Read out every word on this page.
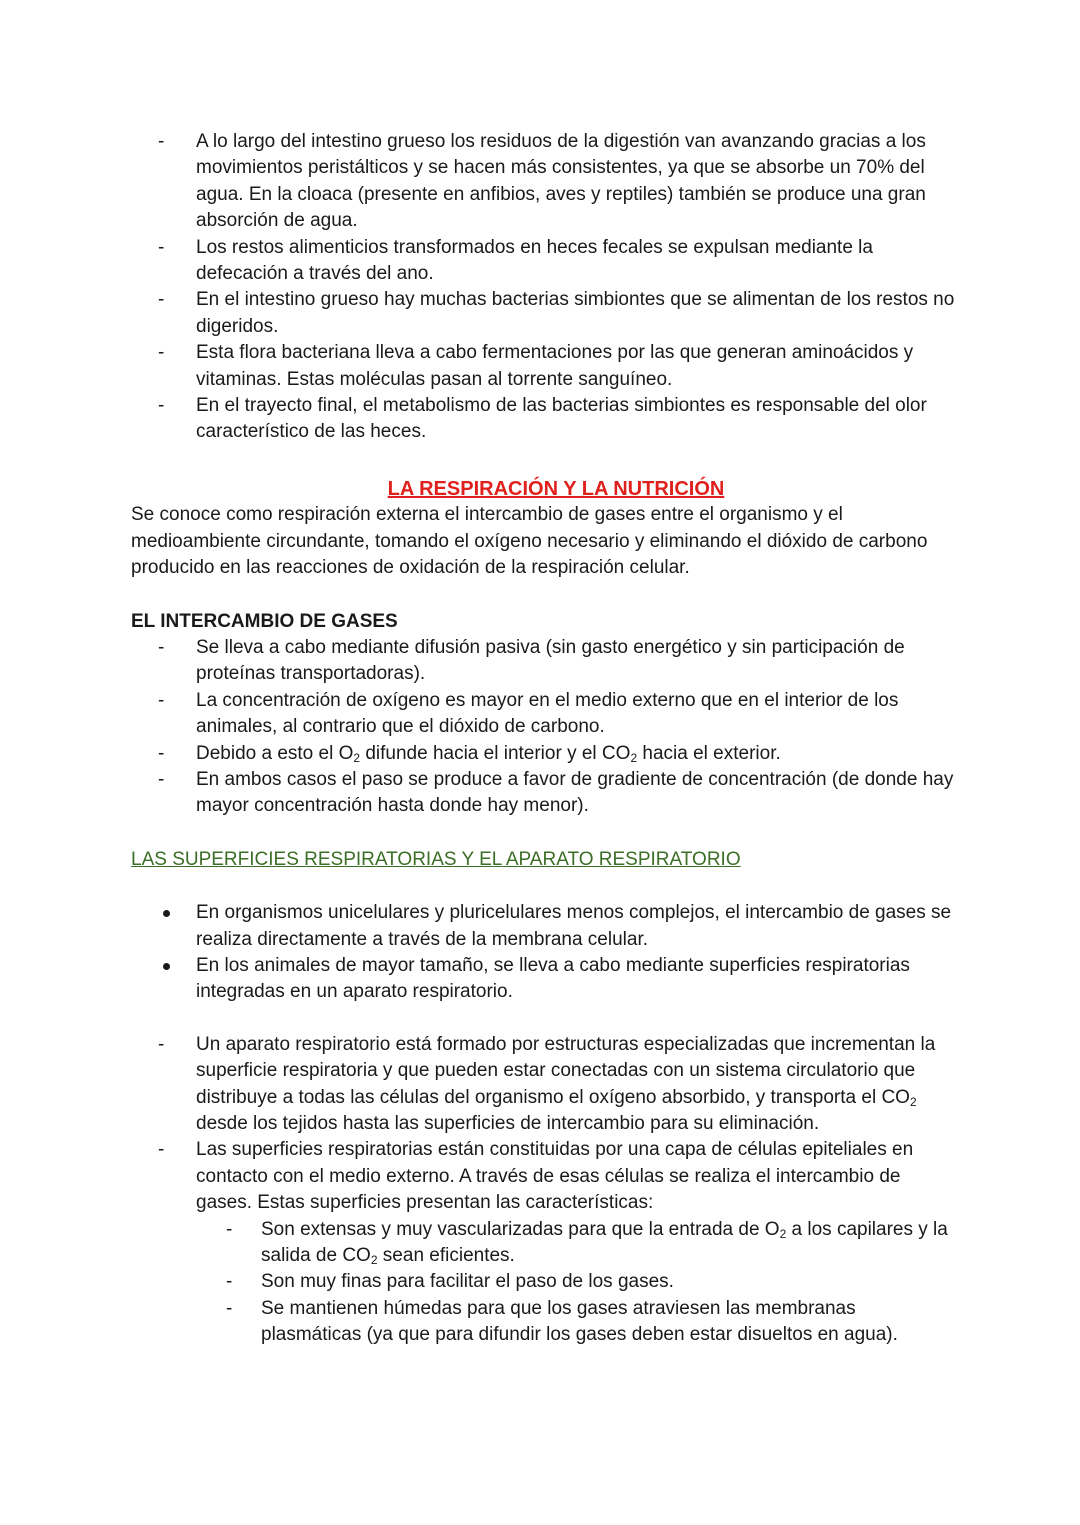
- A lo largo del intestino grueso los residuos de la digestión van avanzando gracias a los movimientos peristálticos y se hacen más consistentes, ya que se absorbe un 70% del agua. En la cloaca (presente en anfibios, aves y reptiles) también se produce una gran absorción de agua.
- Los restos alimenticios transformados en heces fecales se expulsan mediante la defecación a través del ano.
- En el intestino grueso hay muchas bacterias simbiontes que se alimentan de los restos no digeridos.
- Esta flora bacteriana lleva a cabo fermentaciones por las que generan aminoácidos y vitaminas. Estas moléculas pasan al torrente sanguíneo.
- En el trayecto final, el metabolismo de las bacterias simbiontes es responsable del olor característico de las heces.
LA RESPIRACIÓN Y LA NUTRICIÓN

Se conoce como respiración externa el intercambio de gases entre el organismo y el medioambiente circundante, tomando el oxígeno necesario y eliminando el dióxido de carbono producido en las reacciones de oxidación de la respiración celular.

EL INTERCAMBIO DE GASES
- Se lleva a cabo mediante difusión pasiva (sin gasto energético y sin participación de proteínas transportadoras).
- La concentración de oxígeno es mayor en el medio externo que en el interior de los animales, al contrario que el dióxido de carbono.
- Debido a esto el $O_2$ difunde hacia el interior y el $CO_2$ hacia el exterior.
- En ambos casos el paso se produce a favor de gradiente de concentración (de donde hay mayor concentración hasta donde hay menor).
LAS SUPERFICIES RESPIRATORIAS Y EL APARATO RESPIRATORIO
En organismos unicelulares y pluricelulares menos complejos, el intercambio de gases se realiza directamente a través de la membrana celular.
En los animales de mayor tamaño, se lleva a cabo mediante superficies respiratorias integradas en un aparato respiratorio.
- Un aparato respiratorio está formado por estructuras especializadas que incrementan la superficie respiratoria y que pueden estar conectadas con un sistema circulatorio que distribuye a todas las células del organismo el oxígeno absorbido, y transporta el $CO_2$ desde los tejidos hasta las superficies de intercambio para su eliminación.
- Las superficies respiratorias están constituidas por una capa de células epiteliales en contacto con el medio externo. A través de esas células se realiza el intercambio de gases. Estas superficies presentan las características:
- Son extensas y muy vascularizadas para que la entrada de $O_2$ a los capilares y la salida de $CO_2$ sean eficientes.
- Son muy finas para facilitar el paso de los gases.
- Se mantienen húmedas para que los gases atraviesen las membranas plasmáticas (ya que para difundir los gases deben estar disueltos en agua).
